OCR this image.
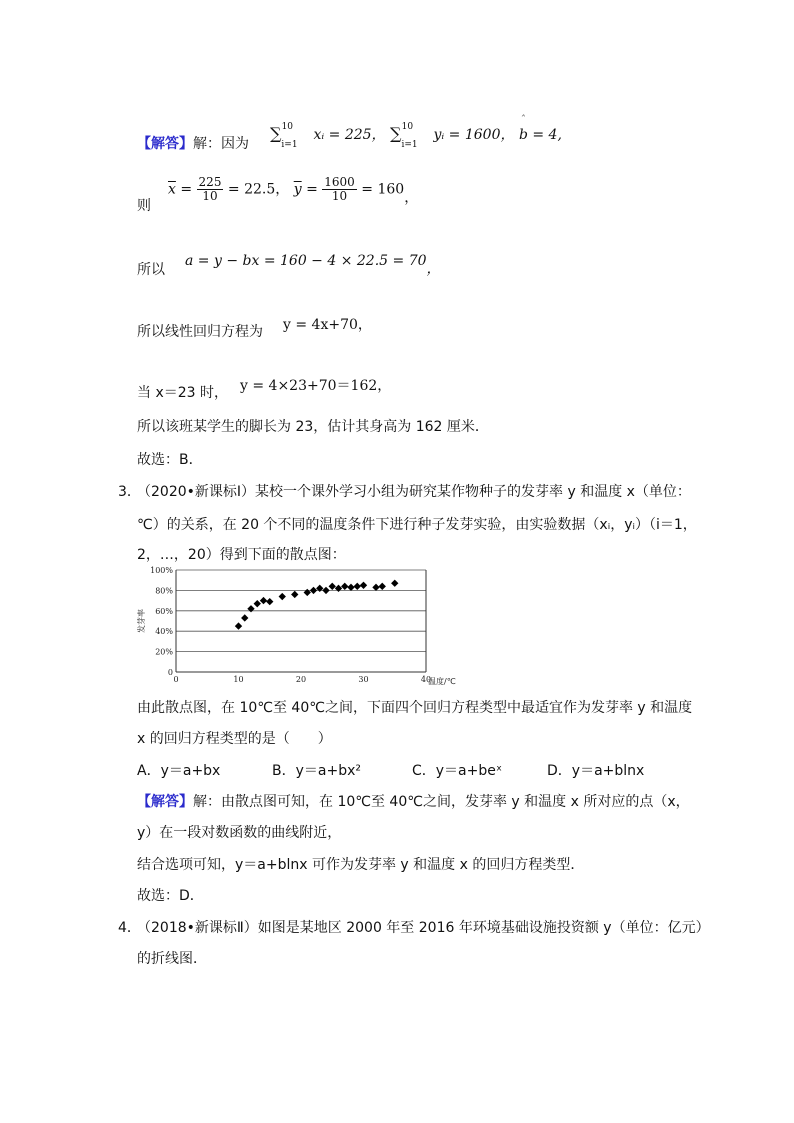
【解答】解：因为
$\sum_{i=1}^{10}$ xᵢ = 225， $\sum_{i=1}^{10}$ yᵢ = 1600， ˆ b = 4,
则
$\overline{x} = \frac{225}{10} = 22.5$， $\overline{y} = \frac{1600}{10} = 160$，
所以
a = y − bx = 160 − 4 × 22.5 = 70，
所以线性回归方程为 y = 4x+70，
当 x＝23 时， y = 4×23+70＝162，
所以该班某学生的脚长为 23，估计其身高为 162 厘米．
故选：B．
3．
（2020•新课标Ⅰ）某校一个课外学习小组为研究某作物种子的发芽率 y 和温度 x（单位：
℃）的关系，在 20 个不同的温度条件下进行种子发芽实验，由实验数据（xᵢ，yᵢ）（i＝1，
2，…，20）得到下面的散点图：
0
20%
40%
60%
80%
100%
0	10	20	30	40
发芽率
温度/℃
由此散点图，在 10℃至 40℃之间，下面四个回归方程类型中最适宜作为发芽率 y 和温度
x 的回归方程类型的是（　　）
A．y＝a+bx	B．y＝a+bx²	C．y＝a+beˣ	D．y＝a+blnx
【解答】解：由散点图可知，在 10℃至 40℃之间，发芽率 y 和温度 x 所对应的点（x，
y）在一段对数函数的曲线附近，
结合选项可知，y＝a+blnx 可作为发芽率 y 和温度 x 的回归方程类型．
故选：D．
4．
（2018•新课标Ⅱ）如图是某地区 2000 年至 2016 年环境基础设施投资额 y（单位：亿元）
的折线图．
